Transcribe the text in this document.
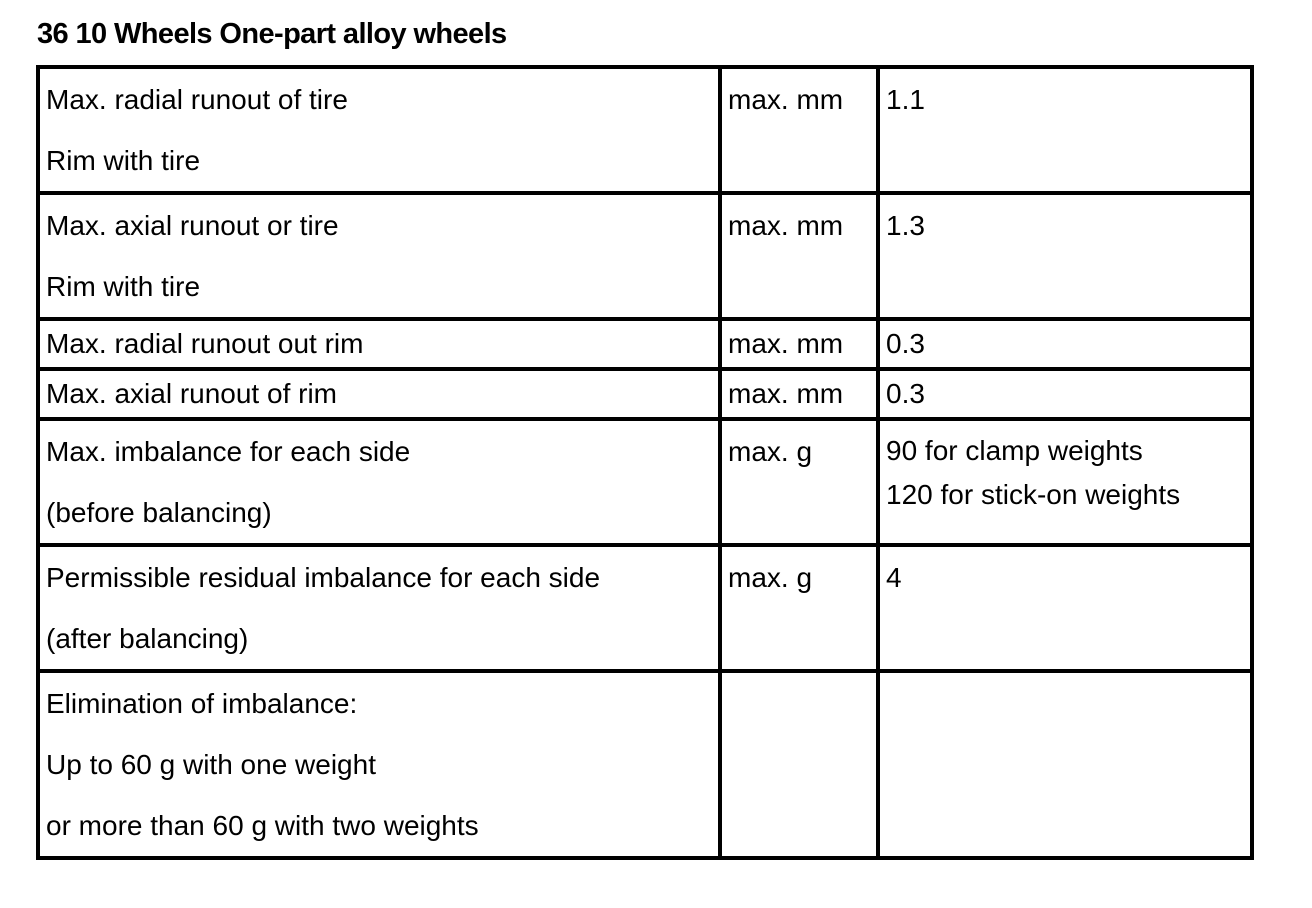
36 10 Wheels One-part alloy wheels
Max. radial runout of tire
Rim with tire	max. mm	1.1

Max. axial runout or tire
Rim with tire	max. mm	1.3

Max. radial runout out rim	max. mm	0.3

Max. axial runout of rim	max. mm	0.3

Max. imbalance for each side
(before balancing)	max. g	90 for clamp weights
120 for stick-on weights

Permissible residual imbalance for each side
(after balancing)	max. g	4

Elimination of imbalance:
Up to 60 g with one weight
or more than 60 g with two weights		
